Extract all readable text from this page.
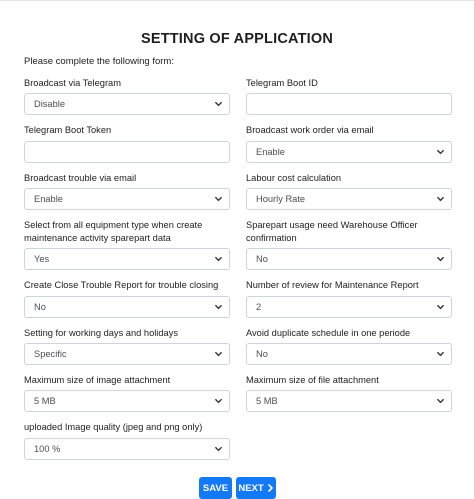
SETTING OF APPLICATION
Please complete the following form:
Broadcast via Telegram
Disable
Telegram Boot ID
Telegram Boot Token	Broadcast work order via email
Enable
Broadcast trouble via email
Enable
Labour cost calculation
Hourly Rate
Select from all equipment type when create
maintenance activity sparepart data
Yes
Sparepart usage need Warehouse Officer
confirmation
No
Create Close Trouble Report for trouble closing
No
Number of review for Maintenance Report
2
Setting for working days and holidays
Specific
Avoid duplicate schedule in one periode
No
Maximum size of image attachment
5 MB
Maximum size of file attachment
5 MB
uploaded Image quality (jpeg and png only)
100 %
SAVE NEXT
